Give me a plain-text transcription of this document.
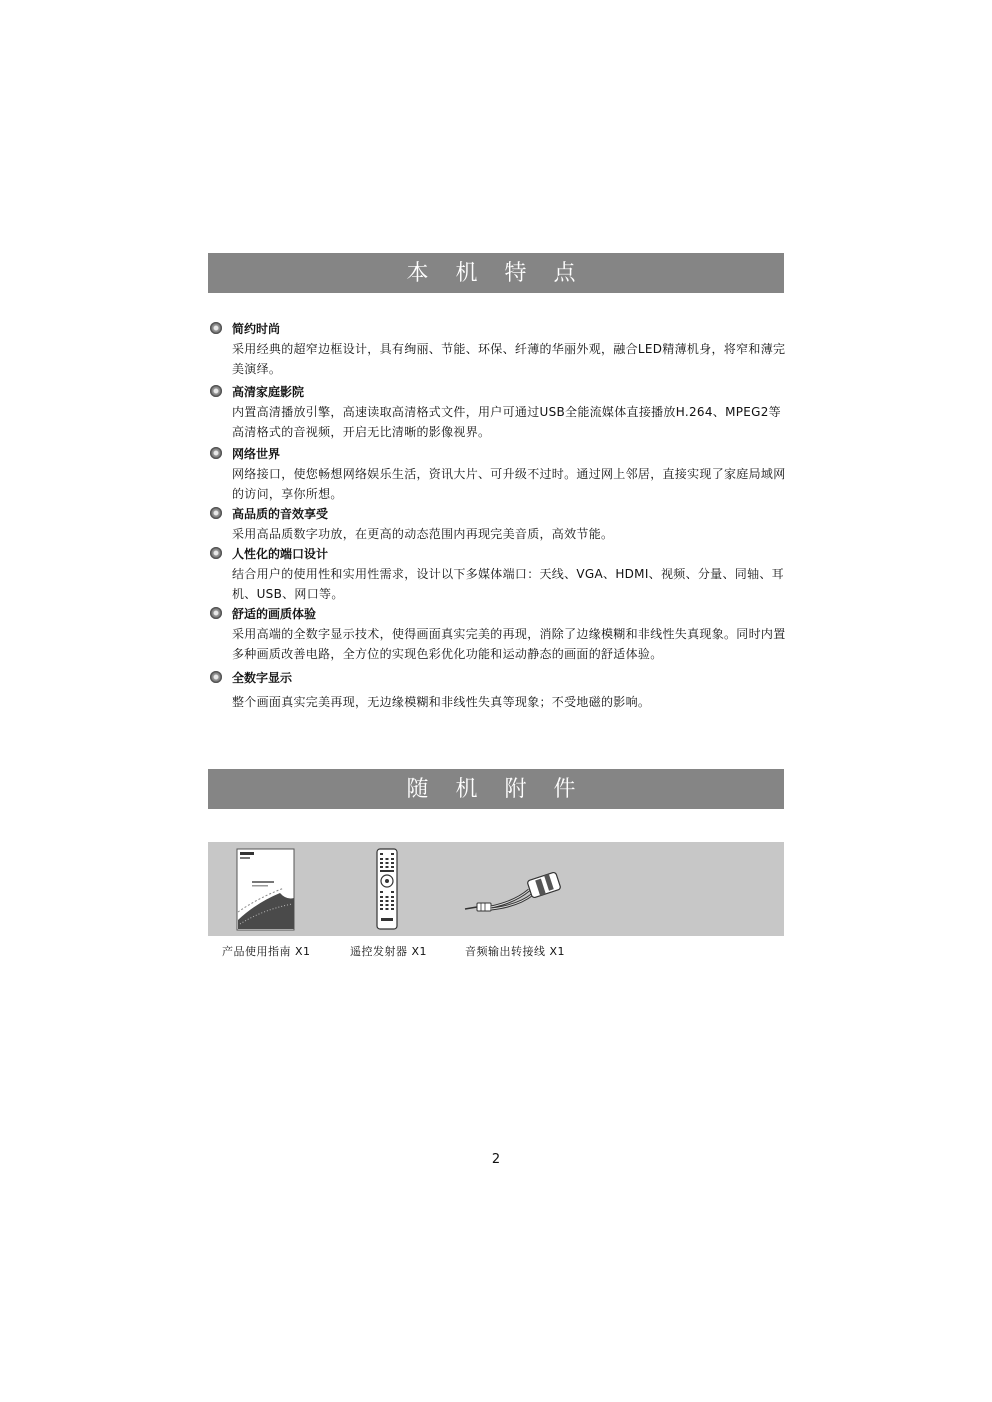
本 机 特 点
简约时尚
采用经典的超窄边框设计，具有绚丽、节能、环保、纤薄的华丽外观，融合LED精薄机身，将窄和薄完美演绎。
高清家庭影院
内置高清播放引擎，高速读取高清格式文件，用户可通过USB全能流媒体直接播放H.264、MPEG2等高清格式的音视频，开启无比清晰的影像视界。
网络世界
网络接口，使您畅想网络娱乐生活，资讯大片、可升级不过时。通过网上邻居，直接实现了家庭局域网的访问，享你所想。
高品质的音效享受
采用高品质数字功放，在更高的动态范围内再现完美音质，高效节能。
人性化的端口设计
结合用户的使用性和实用性需求，设计以下多媒体端口：天线、VGA、HDMI、视频、分量、同轴、耳机、USB、网口等。
舒适的画质体验
采用高端的全数字显示技术，使得画面真实完美的再现，消除了边缘模糊和非线性失真现象。同时内置多种画质改善电路，全方位的实现色彩优化功能和运动静态的画面的舒适体验。
全数字显示
整个画面真实完美再现，无边缘模糊和非线性失真等现象；不受地磁的影响。
随 机 附 件
产品使用指南 X1	遥控发射器 X1	音频输出转接线 X1
2
